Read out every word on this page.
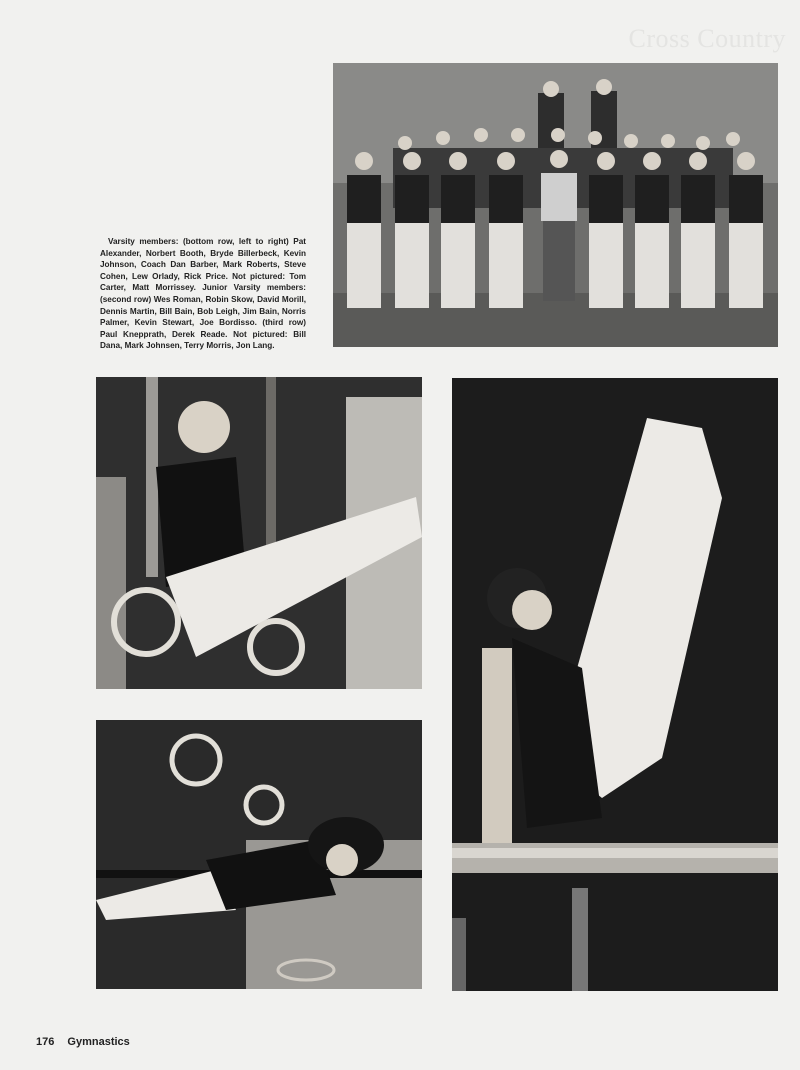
Cross Country
Varsity members: (bottom row, left to right) Pat Alexander, Norbert Booth, Bryde Billerbeck, Kevin Johnson, Coach Dan Barber, Mark Roberts, Steve Cohen, Lew Orlady, Rick Price. Not pictured: Tom Carter, Matt Morrissey. Junior Varsity members: (second row) Wes Roman, Robin Skow, David Morill, Dennis Martin, Bill Bain, Bob Leigh, Jim Bain, Norris Palmer, Kevin Stewart, Joe Bordisso. (third row) Paul Knepprath, Derek Reade. Not pictured: Bill Dana, Mark Johnsen, Terry Morris, Jon Lang.
176 Gymnastics
